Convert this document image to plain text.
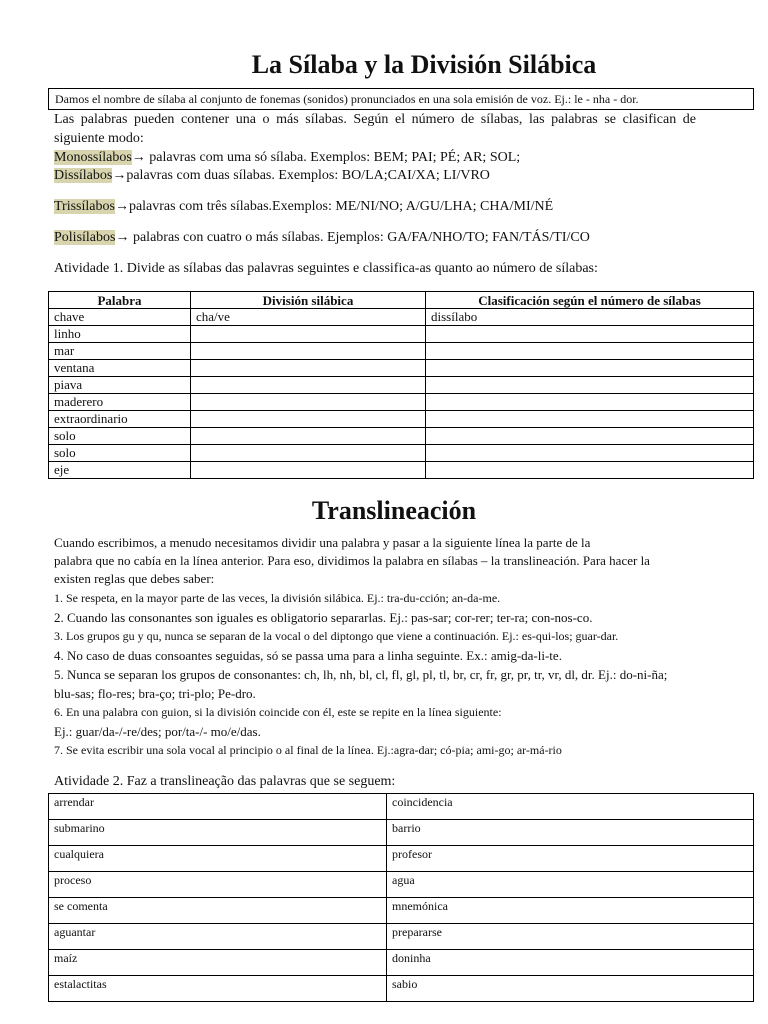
La Sílaba y la División Silábica
Damos el nombre de sílaba al conjunto de fonemas (sonidos) pronunciados en una sola emisión de voz. Ej.: le - nha - dor.
Las palabras pueden contener una o más sílabas. Según el número de sílabas, las palabras se clasifican de siguiente modo:
Monossílabos→ palavras com uma só sílaba. Exemplos: BEM; PAI; PÉ; AR; SOL;
Dissílabos→palavras com duas sílabas. Exemplos: BO/LA;CAI/XA; LI/VRO
Trissílabos→palavras com três sílabas.Exemplos: ME/NI/NO; A/GU/LHA; CHA/MI/NÉ
Polisílabos→ palabras con cuatro o más sílabas. Ejemplos: GA/FA/NHO/TO; FAN/TÁS/TI/CO
Atividade 1. Divide as sílabas das palavras seguintes e classifica-as quanto ao número de sílabas:
Palabra	División silábica	Clasificación según el número de sílabas
chave	cha/ve	dissílabo
linho		
mar		
ventana		
piava		
maderero		
extraordinario		
solo		
solo		
eje		
Translineación
Cuando escribimos, a menudo necesitamos dividir una palabra y pasar a la siguiente línea la parte de la
palabra que no cabía en la línea anterior. Para eso, dividimos la palabra en sílabas – la translineación. Para hacer la
existen reglas que debes saber:
1. Se respeta, en la mayor parte de las veces, la división silábica. Ej.: tra-du-cción; an-da-me.
2. Cuando las consonantes son iguales es obligatorio separarlas. Ej.: pas-sar; cor-rer; ter-ra; con-nos-co.
3. Los grupos gu y qu, nunca se separan de la vocal o del diptongo que viene a continuación. Ej.: es-qui-los; guar-dar.
4. No caso de duas consoantes seguidas, só se passa uma para a linha seguinte. Ex.: amig-da-li-te.
5. Nunca se separan los grupos de consonantes: ch, lh, nh, bl, cl, fl, gl, pl, tl, br, cr, fr, gr, pr, tr, vr, dl, dr. Ej.: do-ni-ña;
blu-sas; flo-res; bra-ço; tri-plo; Pe-dro.
6. En una palabra con guion, si la división coincide con él, este se repite en la línea siguiente:
Ej.: guar/da-/-re/des; por/ta-/- mo/e/das.
7. Se evita escribir una sola vocal al principio o al final de la línea. Ej.:agra-dar; có-pia; ami-go; ar-má-rio
Atividade 2. Faz a translineação das palavras que se seguem:
arrendar	coincidencia
submarino	barrio
cualquiera	profesor
proceso	agua
se comenta	mnemónica
aguantar	prepararse
maíz	doninha
estalactitas	sabio
